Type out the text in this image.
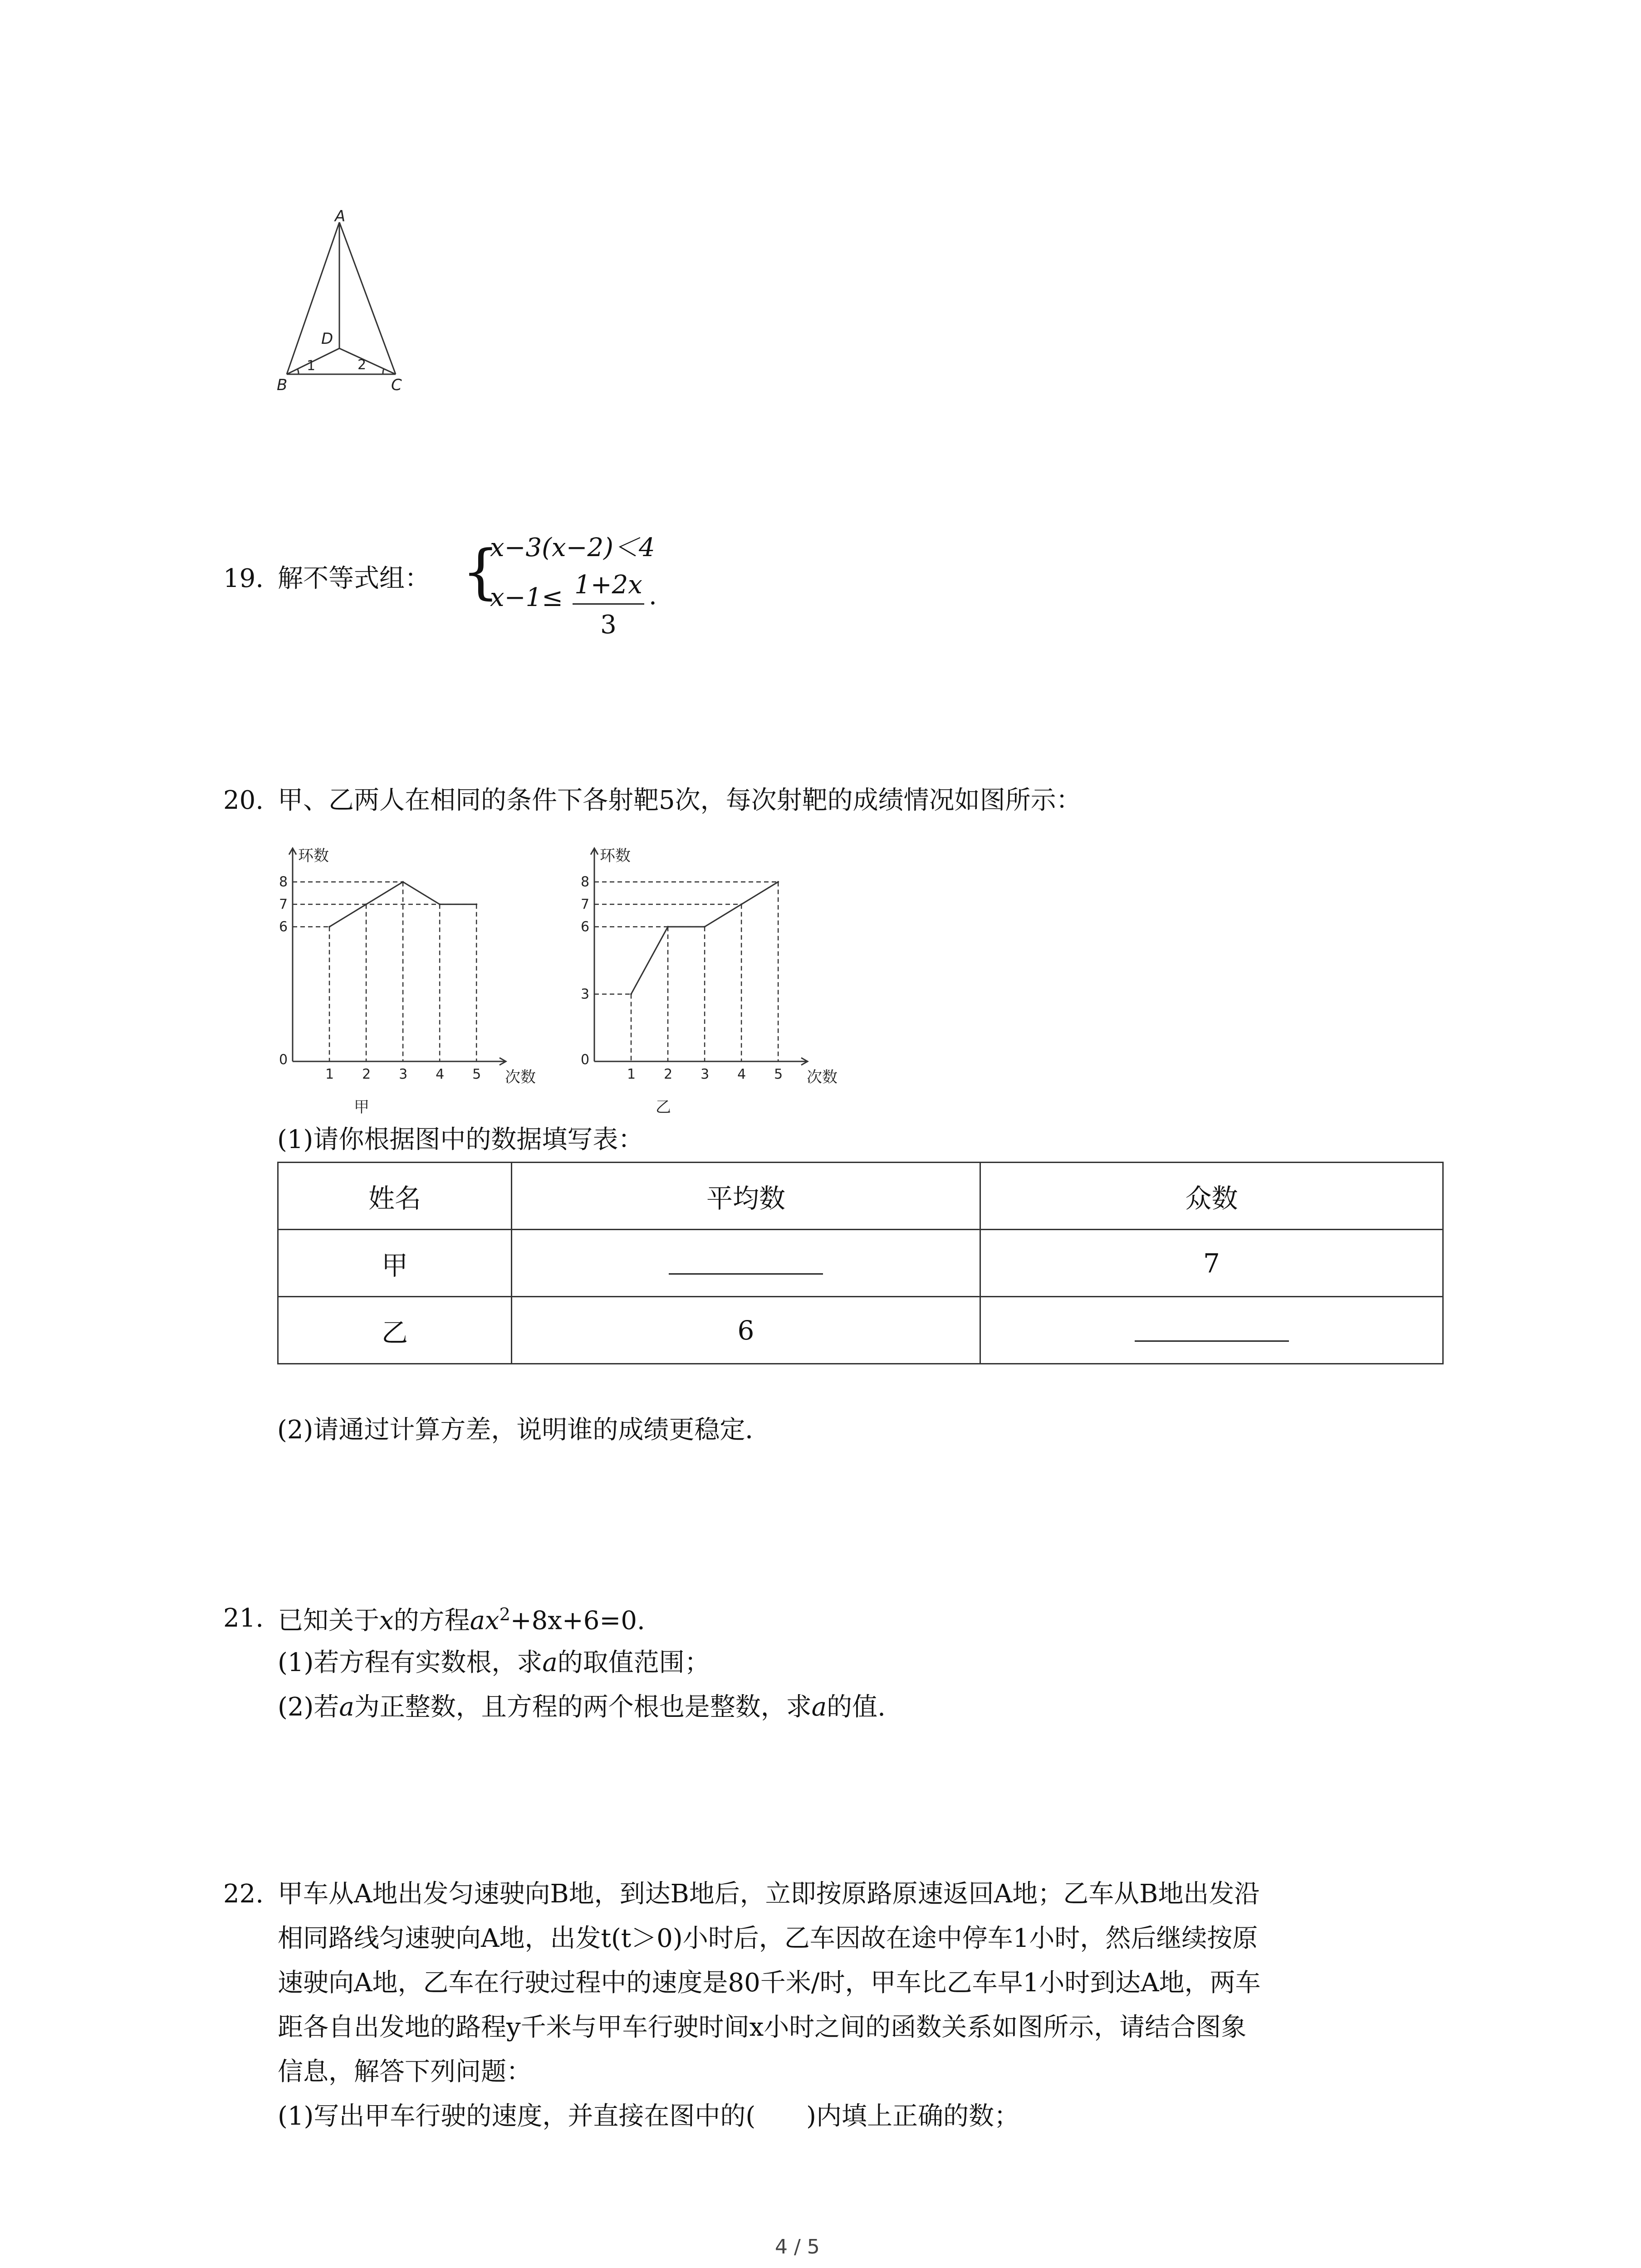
A
B	C
D
1	2
19. 解不等式组： {
x−3(x−2)＜4
x−1≤ 1+2x
3
.
20. 甲、乙两人在相同的条件下各射靶5次，每次射靶的成绩情况如图所示：
1 2 3 4 5
6
7
8
0
环数
次数
甲
1 2 3 4 5
3
6
7
8
0
环数
次数
乙
(1)请你根据图中的数据填写表：
姓名	平均数	众数
甲		7
乙	6	
(2)请通过计算方差，说明谁的成绩更稳定．
21. 已知关于x的方程$ax^2+8x+6=0$.
(1)若方程有实数根，求a的取值范围；
(2)若a为正整数，且方程的两个根也是整数，求a的值.
22. 甲车从A地出发匀速驶向B地，到达B地后，立即按原路原速返回A地；乙车从B地出发沿
相同路线匀速驶向A地，出发t(t＞0)小时后，乙车因故在途中停车1小时，然后继续按原
速驶向A地，乙车在行驶过程中的速度是80千米/时，甲车比乙车早1小时到达A地，两车
距各自出发地的路程y千米与甲车行驶时间x小时之间的函数关系如图所示，请结合图象
信息，解答下列问题：
(1)写出甲车行驶的速度，并直接在图中的(　　)内填上正确的数；
4 / 5
